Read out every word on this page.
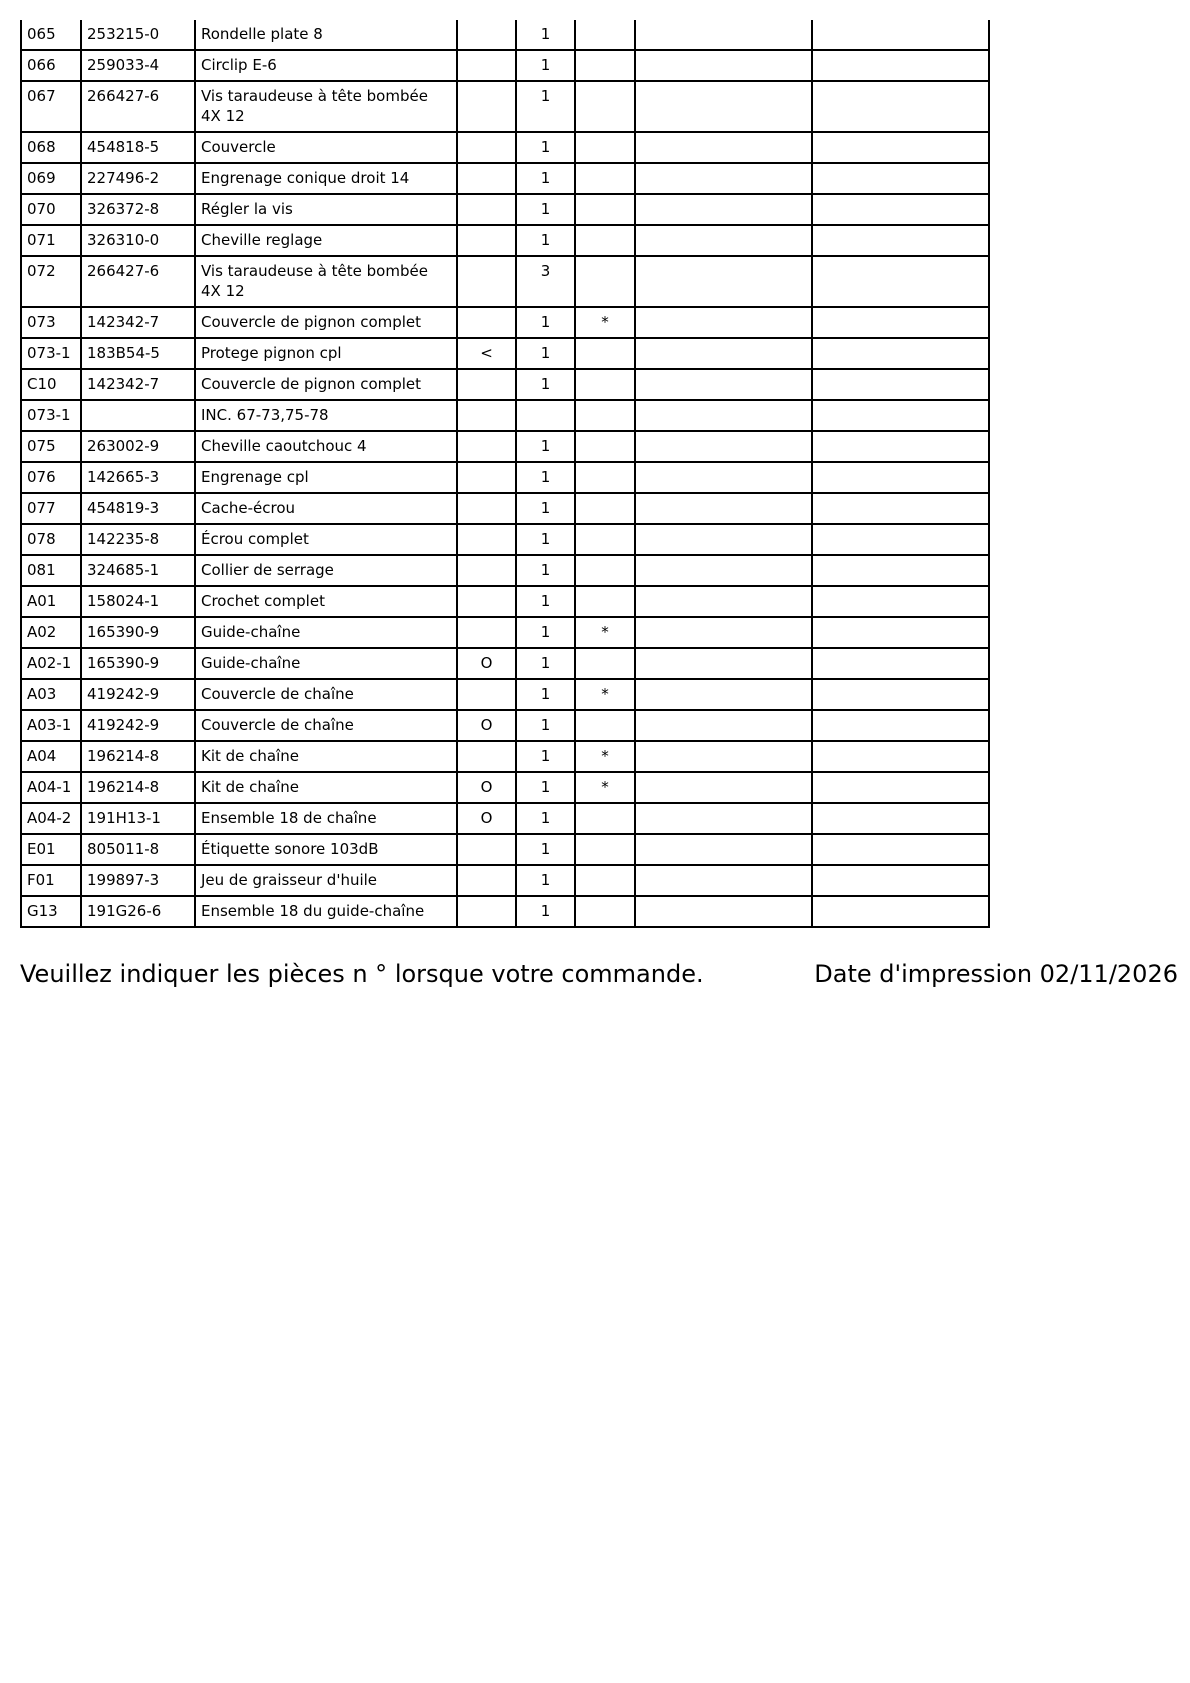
065	253215-0	Rondelle plate 8		1			
066	259033-4	Circlip E-6		1			
067	266427-6	Vis taraudeuse à tête bombée 4X 12		1			
068	454818-5	Couvercle		1			
069	227496-2	Engrenage conique droit 14		1			
070	326372-8	Régler la vis		1			
071	326310-0	Cheville reglage		1			
072	266427-6	Vis taraudeuse à tête bombée 4X 12		3			
073	142342-7	Couvercle de pignon complet		1	*		
073-1	183B54-5	Protege pignon cpl	<	1			
C10	142342-7	Couvercle de pignon complet		1			
073-1		INC. 67-73,75-78					
075	263002-9	Cheville caoutchouc 4		1			
076	142665-3	Engrenage cpl		1			
077	454819-3	Cache-écrou		1			
078	142235-8	Écrou complet		1			
081	324685-1	Collier de serrage		1			
A01	158024-1	Crochet complet		1			
A02	165390-9	Guide-chaîne		1	*		
A02-1	165390-9	Guide-chaîne	O	1			
A03	419242-9	Couvercle de chaîne		1	*		
A03-1	419242-9	Couvercle de chaîne	O	1			
A04	196214-8	Kit de chaîne		1	*		
A04-1	196214-8	Kit de chaîne	O	1	*		
A04-2	191H13-1	Ensemble 18 de chaîne	O	1			
E01	805011-8	Étiquette sonore 103dB		1			
F01	199897-3	Jeu de graisseur d'huile		1			
G13	191G26-6	Ensemble 18 du guide-chaîne		1			
Veuillez indiquer les pièces n ° lorsque votre commande.	Date d'impression 02/11/2026
